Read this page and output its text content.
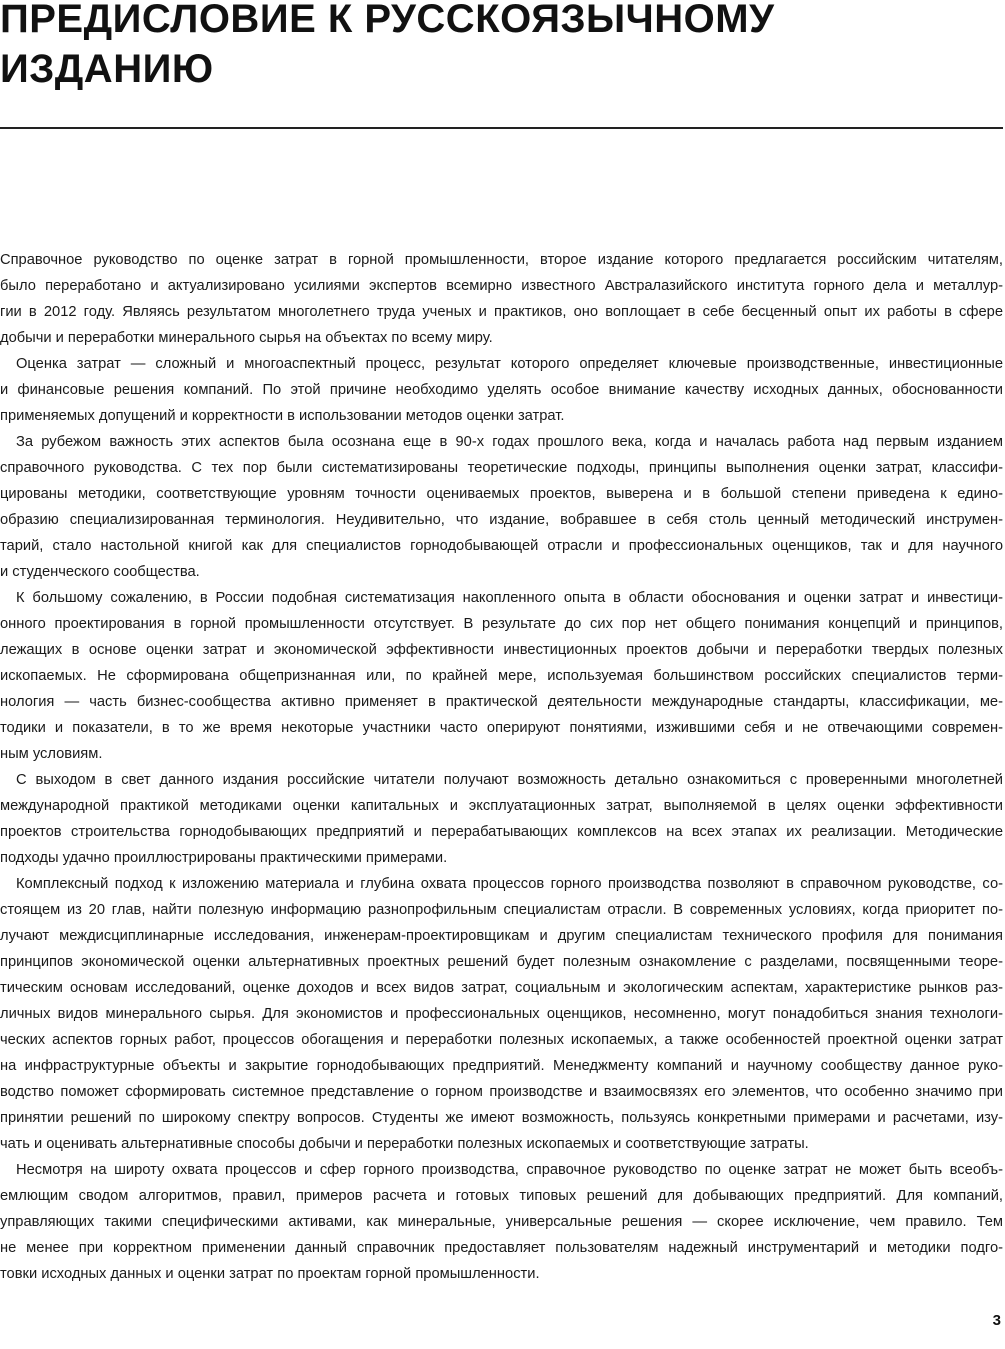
ПРЕДИСЛОВИЕ К РУССКОЯЗЫЧНОМУ
ИЗДАНИЮ
Справочное руководство по оценке затрат в горной промышленности, второе издание которого предлагается российским читателям,
было переработано и актуализировано усилиями экспертов всемирно известного Австралазийского института горного дела и металлур-
гии в 2012 году. Являясь результатом многолетнего труда ученых и практиков, оно воплощает в себе бесценный опыт их работы в сфере
добычи и переработки минерального сырья на объектах по всему миру.
Оценка затрат — сложный и многоаспектный процесс, результат которого определяет ключевые производственные, инвестиционные
и финансовые решения компаний. По этой причине необходимо уделять особое внимание качеству исходных данных, обоснованности
применяемых допущений и корректности в использовании методов оценки затрат.
За рубежом важность этих аспектов была осознана еще в 90-х годах прошлого века, когда и началась работа над первым изданием
справочного руководства. С тех пор были систематизированы теоретические подходы, принципы выполнения оценки затрат, классифи-
цированы методики, соответствующие уровням точности оцениваемых проектов, выверена и в большой степени приведена к едино-
образию специализированная терминология. Неудивительно, что издание, вобравшее в себя столь ценный методический инструмен-
тарий, стало настольной книгой как для специалистов горнодобывающей отрасли и профессиональных оценщиков, так и для научного
и студенческого сообщества.
К большому сожалению, в России подобная систематизация накопленного опыта в области обоснования и оценки затрат и инвестици-
онного проектирования в горной промышленности отсутствует. В результате до сих пор нет общего понимания концепций и принципов,
лежащих в основе оценки затрат и экономической эффективности инвестиционных проектов добычи и переработки твердых полезных
ископаемых. Не сформирована общепризнанная или, по крайней мере, используемая большинством российских специалистов терми-
нология — часть бизнес-сообщества активно применяет в практической деятельности международные стандарты, классификации, ме-
тодики и показатели, в то же время некоторые участники часто оперируют понятиями, изжившими себя и не отвечающими современ-
ным условиям.
С выходом в свет данного издания российские читатели получают возможность детально ознакомиться с проверенными многолетней
международной практикой методиками оценки капитальных и эксплуатационных затрат, выполняемой в целях оценки эффективности
проектов строительства горнодобывающих предприятий и перерабатывающих комплексов на всех этапах их реализации. Методические
подходы удачно проиллюстрированы практическими примерами.
Комплексный подход к изложению материала и глубина охвата процессов горного производства позволяют в справочном руководстве, со-
стоящем из 20 глав, найти полезную информацию разнопрофильным специалистам отрасли. В современных условиях, когда приоритет по-
лучают междисциплинарные исследования, инженерам-проектировщикам и другим специалистам технического профиля для понимания
принципов экономической оценки альтернативных проектных решений будет полезным ознакомление с разделами, посвященными теоре-
тическим основам исследований, оценке доходов и всех видов затрат, социальным и экологическим аспектам, характеристике рынков раз-
личных видов минерального сырья. Для экономистов и профессиональных оценщиков, несомненно, могут понадобиться знания технологи-
ческих аспектов горных работ, процессов обогащения и переработки полезных ископаемых, а также особенностей проектной оценки затрат
на инфраструктурные объекты и закрытие горнодобывающих предприятий. Менеджменту компаний и научному сообществу данное руко-
водство поможет сформировать системное представление о горном производстве и взаимосвязях его элементов, что особенно значимо при
принятии решений по широкому спектру вопросов. Студенты же имеют возможность, пользуясь конкретными примерами и расчетами, изу-
чать и оценивать альтернативные способы добычи и переработки полезных ископаемых и соответствующие затраты.
Несмотря на широту охвата процессов и сфер горного производства, справочное руководство по оценке затрат не может быть всеобъ-
емлющим сводом алгоритмов, правил, примеров расчета и готовых типовых решений для добывающих предприятий. Для компаний,
управляющих такими специфическими активами, как минеральные, универсальные решения — скорее исключение, чем правило. Тем
не менее при корректном применении данный справочник предоставляет пользователям надежный инструментарий и методики подго-
товки исходных данных и оценки затрат по проектам горной промышленности.
3
